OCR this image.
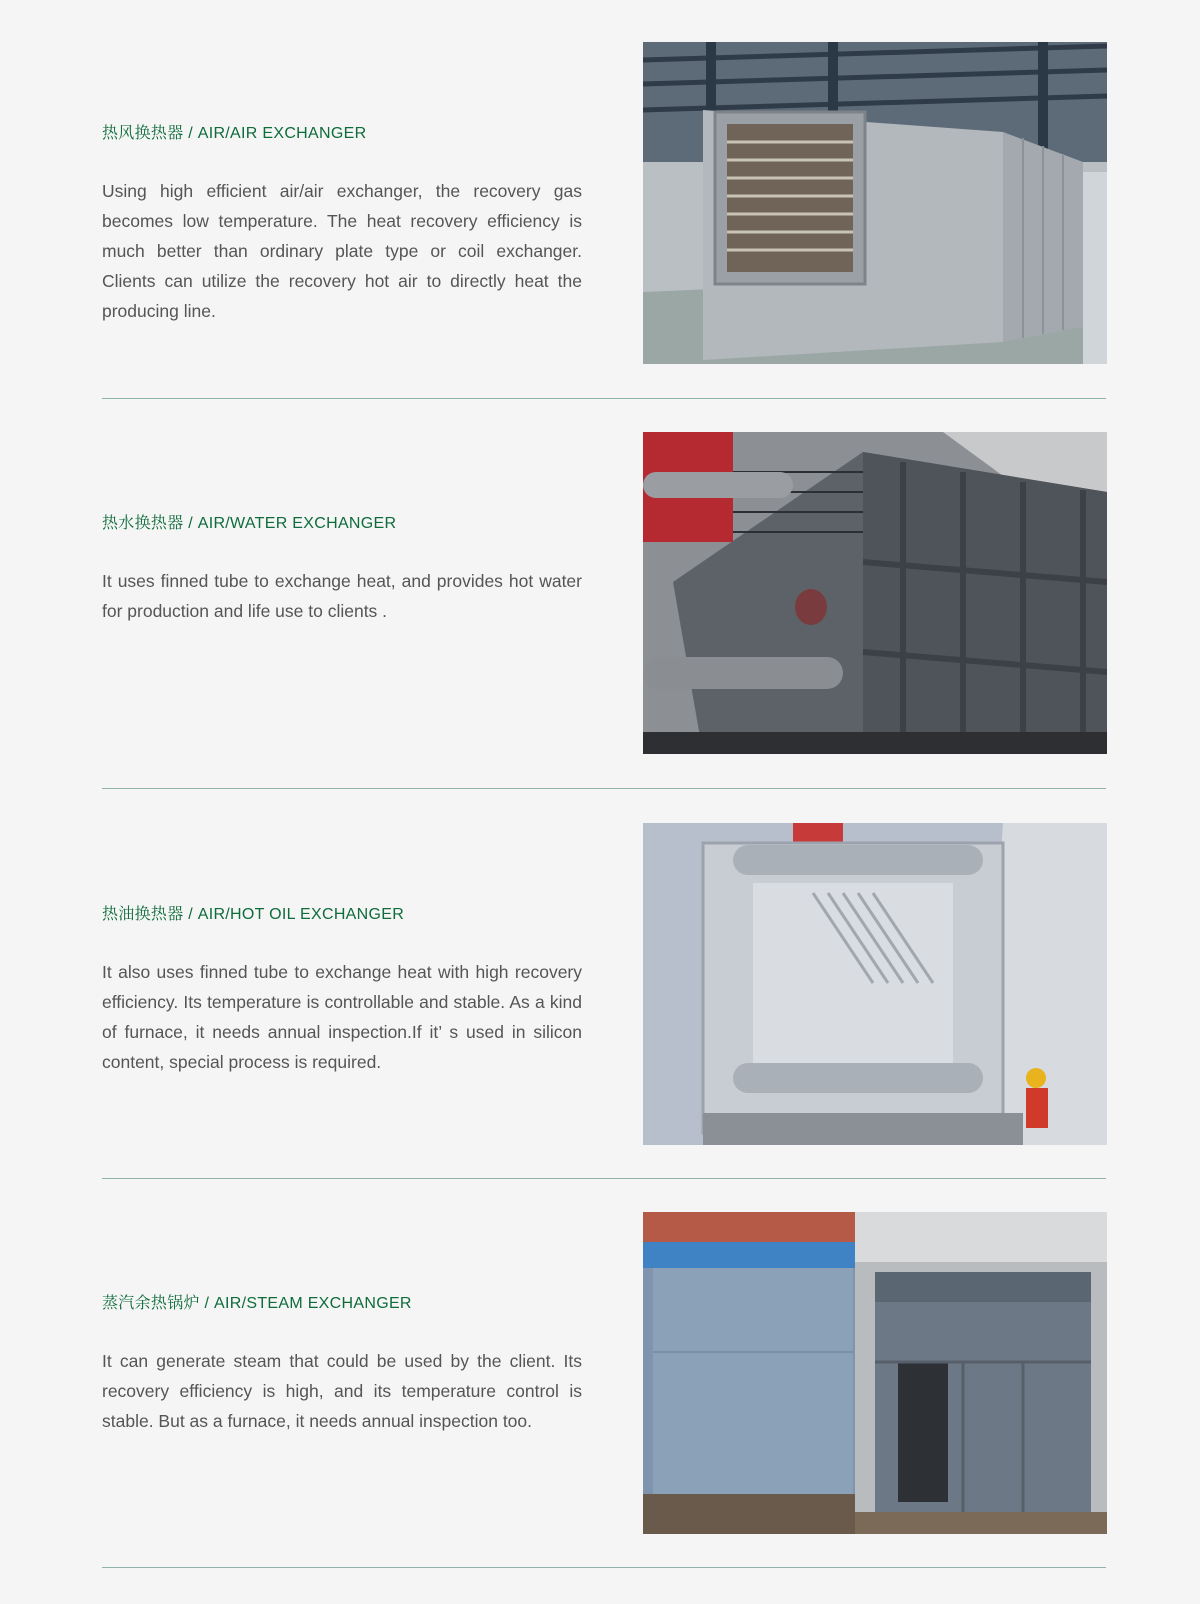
热风换热器 / AIR/AIR EXCHANGER

Using high efficient air/air exchanger, the recovery gas becomes low temperature. The heat recovery efficiency is much better than ordinary plate type or coil exchanger. Clients can utilize the recovery hot air to directly heat the producing line.

热水换热器 / AIR/WATER EXCHANGER

It uses finned tube to exchange heat, and provides hot water for production and life use to clients .

热油换热器 / AIR/HOT OIL EXCHANGER

It also uses finned tube to exchange heat with high recovery efficiency. Its temperature is controllable and stable. As a kind of furnace, it needs annual inspection.If it’ s used in silicon content, special process is required.

蒸汽余热锅炉 / AIR/STEAM EXCHANGER

It can generate steam that could be used by the client. Its recovery efficiency is high, and its temperature control is stable. But as a furnace, it needs annual inspection too.
